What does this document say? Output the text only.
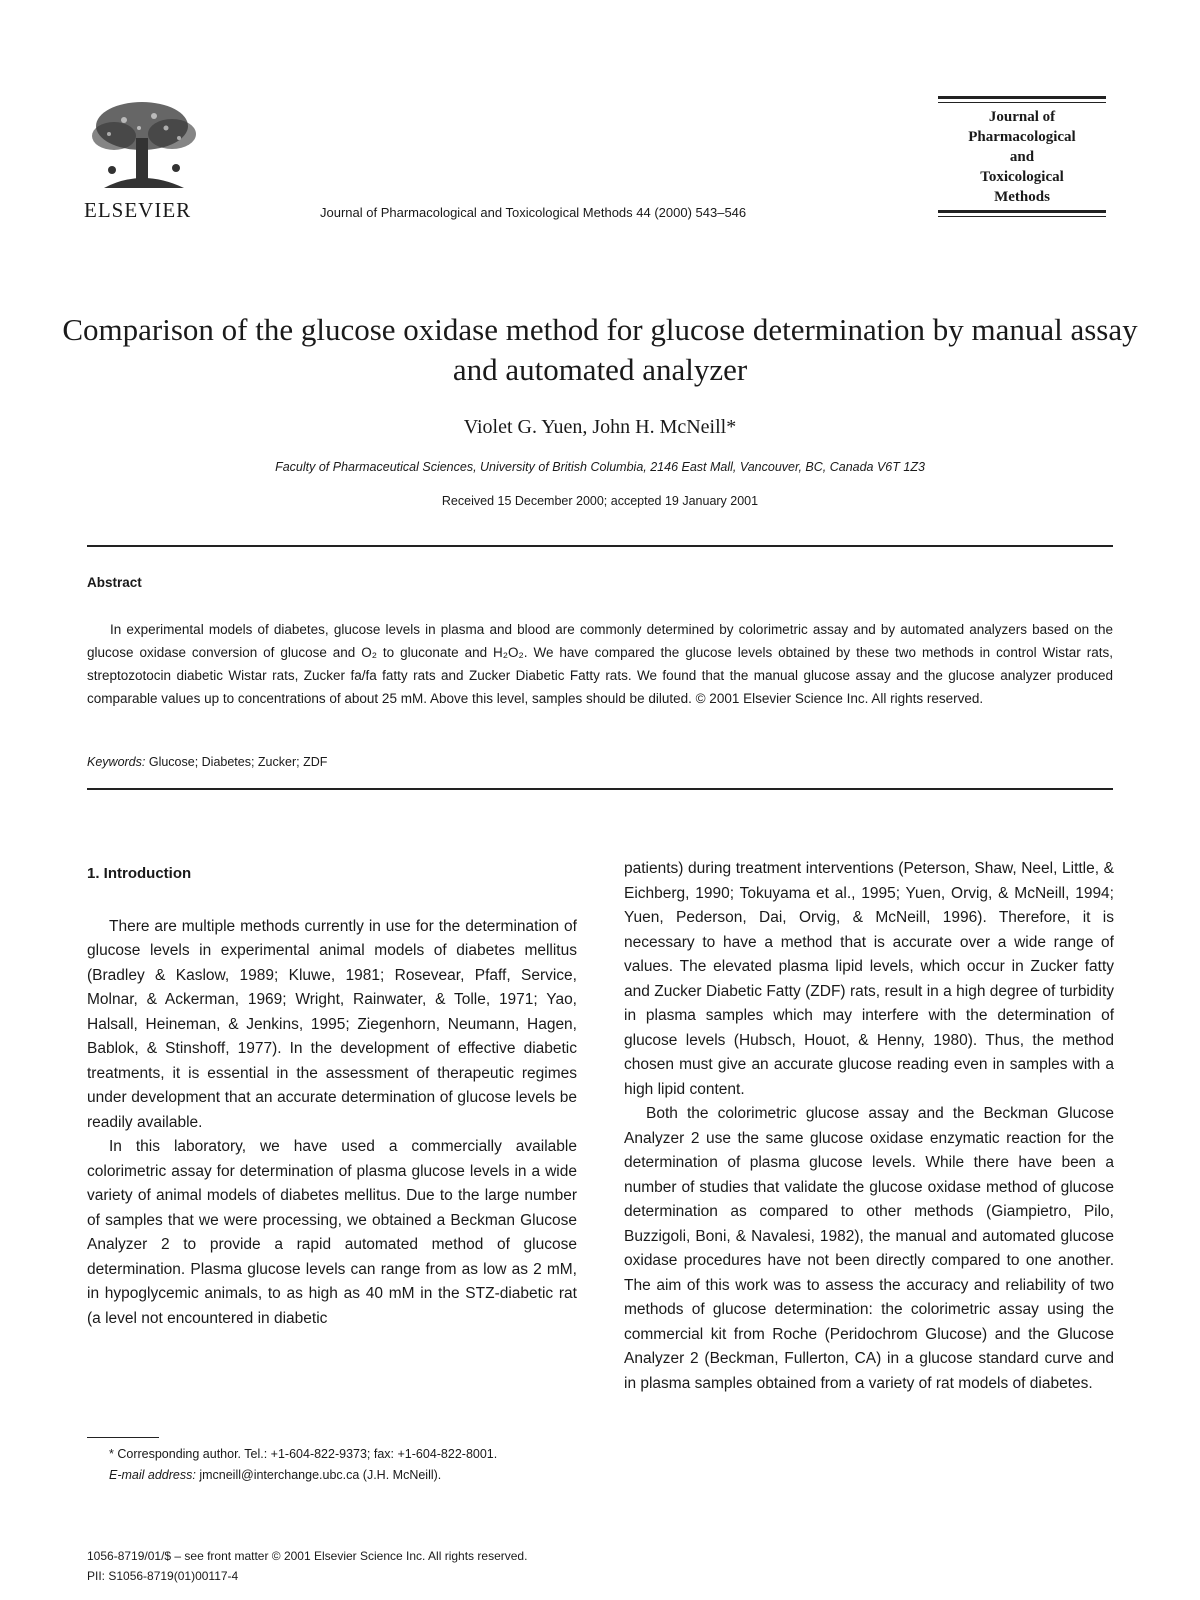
ELSEVIER	Journal of Pharmacological and Toxicological Methods 44 (2000) 543–546
Journal of
Pharmacological
and
Toxicological
Methods
Comparison of the glucose oxidase method for glucose determination by manual assay and automated analyzer
Violet G. Yuen, John H. McNeill*
Faculty of Pharmaceutical Sciences, University of British Columbia, 2146 East Mall, Vancouver, BC, Canada V6T 1Z3
Received 15 December 2000; accepted 19 January 2001
Abstract

In experimental models of diabetes, glucose levels in plasma and blood are commonly determined by colorimetric assay and by automated analyzers based on the glucose oxidase conversion of glucose and O₂ to gluconate and H₂O₂. We have compared the glucose levels obtained by these two methods in control Wistar rats, streptozotocin diabetic Wistar rats, Zucker fa/fa fatty rats and Zucker Diabetic Fatty rats. We found that the manual glucose assay and the glucose analyzer produced comparable values up to concentrations of about 25 mM. Above this level, samples should be diluted. © 2001 Elsevier Science Inc. All rights reserved.

Keywords: Glucose; Diabetes; Zucker; ZDF
1. Introduction

There are multiple methods currently in use for the determination of glucose levels in experimental animal models of diabetes mellitus (Bradley & Kaslow, 1989; Kluwe, 1981; Rosevear, Pfaff, Service, Molnar, & Ackerman, 1969; Wright, Rainwater, & Tolle, 1971; Yao, Halsall, Heineman, & Jenkins, 1995; Ziegenhorn, Neumann, Hagen, Bablok, & Stinshoff, 1977). In the development of effective diabetic treatments, it is essential in the assessment of therapeutic regimes under development that an accurate determination of glucose levels be readily available.

In this laboratory, we have used a commercially available colorimetric assay for determination of plasma glucose levels in a wide variety of animal models of diabetes mellitus. Due to the large number of samples that we were processing, we obtained a Beckman Glucose Analyzer 2 to provide a rapid automated method of glucose determination. Plasma glucose levels can range from as low as 2 mM, in hypoglycemic animals, to as high as 40 mM in the STZ-diabetic rat (a level not encountered in diabetic

patients) during treatment interventions (Peterson, Shaw, Neel, Little, & Eichberg, 1990; Tokuyama et al., 1995; Yuen, Orvig, & McNeill, 1994; Yuen, Pederson, Dai, Orvig, & McNeill, 1996). Therefore, it is necessary to have a method that is accurate over a wide range of values. The elevated plasma lipid levels, which occur in Zucker fatty and Zucker Diabetic Fatty (ZDF) rats, result in a high degree of turbidity in plasma samples which may interfere with the determination of glucose levels (Hubsch, Houot, & Henny, 1980). Thus, the method chosen must give an accurate glucose reading even in samples with a high lipid content.

Both the colorimetric glucose assay and the Beckman Glucose Analyzer 2 use the same glucose oxidase enzymatic reaction for the determination of plasma glucose levels. While there have been a number of studies that validate the glucose oxidase method of glucose determination as compared to other methods (Giampietro, Pilo, Buzzigoli, Boni, & Navalesi, 1982), the manual and automated glucose oxidase procedures have not been directly compared to one another. The aim of this work was to assess the accuracy and reliability of two methods of glucose determination: the colorimetric assay using the commercial kit from Roche (Peridochrom Glucose) and the Glucose Analyzer 2 (Beckman, Fullerton, CA) in a glucose standard curve and in plasma samples obtained from a variety of rat models of diabetes.

* Corresponding author. Tel.: +1-604-822-9373; fax: +1-604-822-8001.

E-mail address: jmcneill@interchange.ubc.ca (J.H. McNeill).

1056-8719/01/$ – see front matter © 2001 Elsevier Science Inc. All rights reserved.
PII: S1056-8719(01)00117-4
